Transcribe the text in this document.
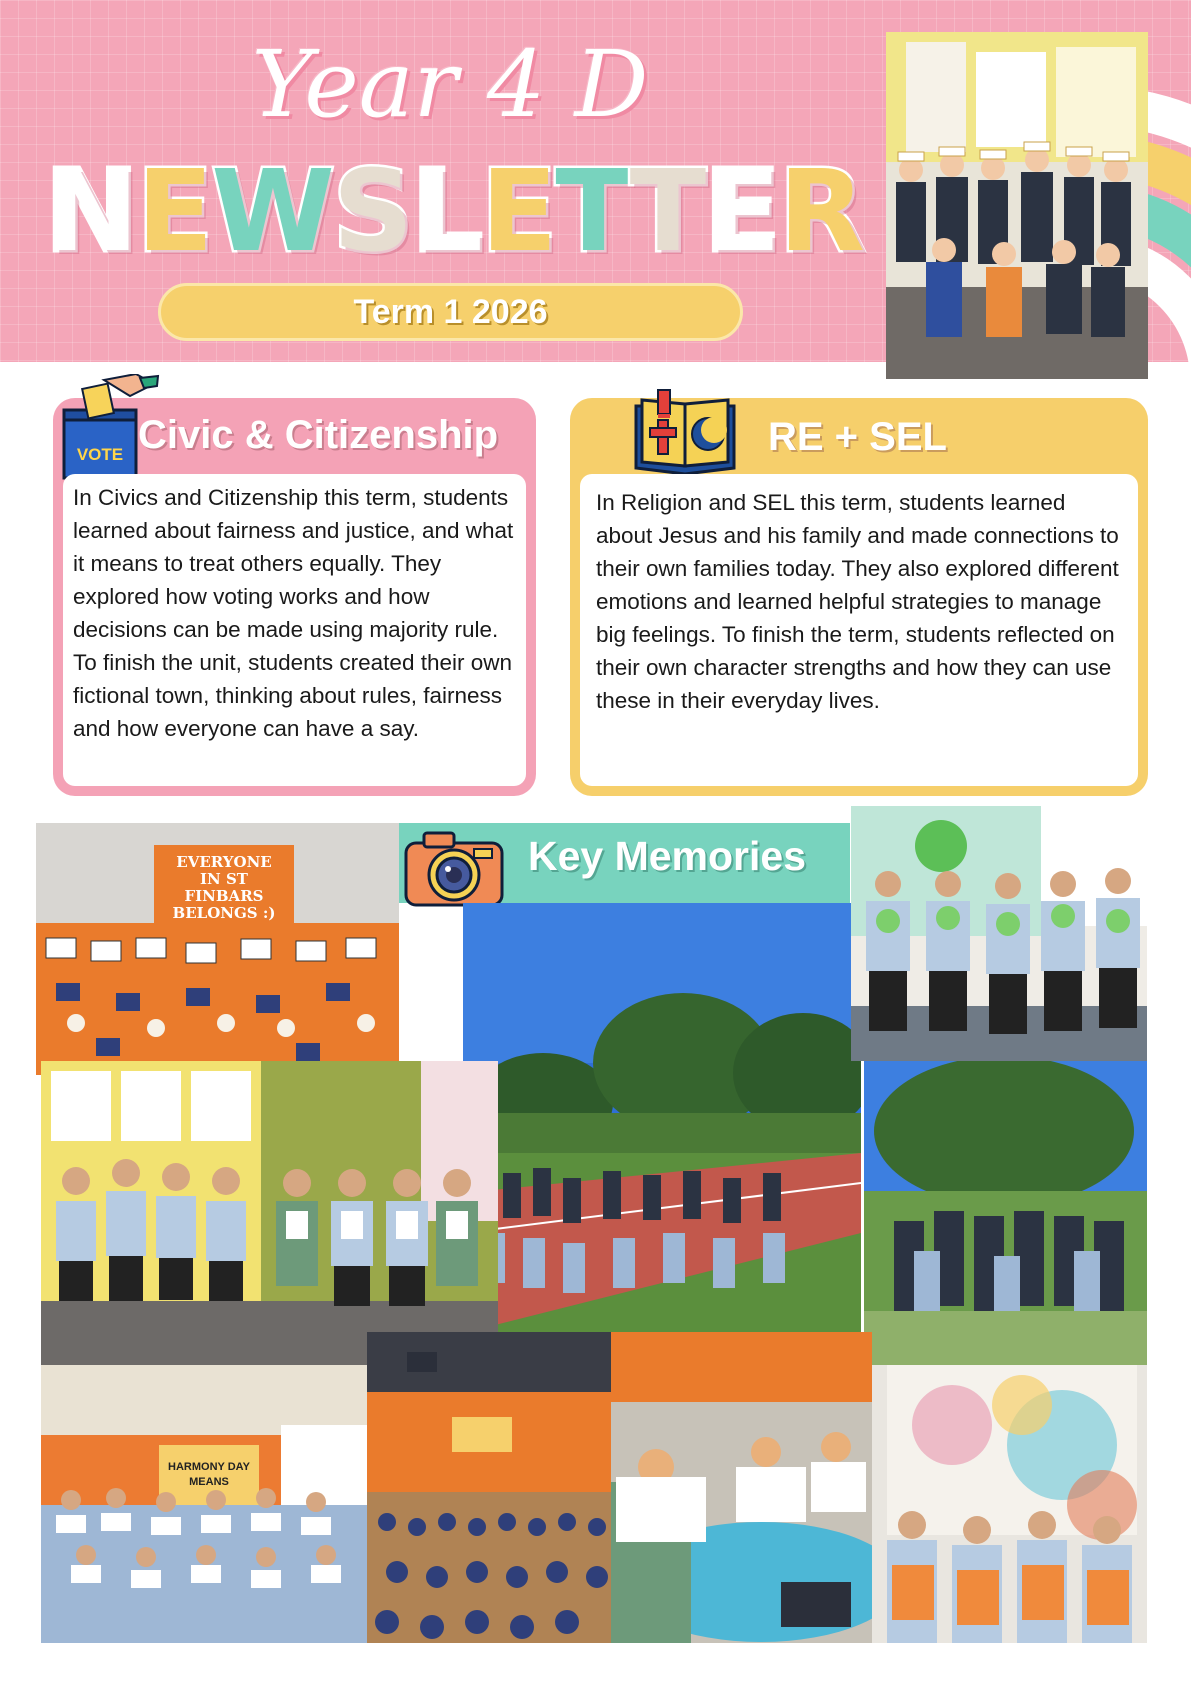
Year 4 D
N E W S L E T T E R
Term 1 2026
VOTE Civic & Citizenship
In Civics and Citizenship this term, students learned about fairness and justice, and what it means to treat others equally. They explored how voting works and how decisions can be made using majority rule. To finish the unit, students created their own fictional town, thinking about rules, fairness and how everyone can have a say.
RE + SEL
In Religion and SEL this term, students learned about Jesus and his family and made connections to their own families today. They also explored different emotions and learned helpful strategies to manage big feelings. To finish the term, students reflected on their own character strengths and how they can use these in their everyday lives.
Key Memories
EVERYONE
IN ST
FINBARS
BELONGS :)
HARMONY DAY
MEANS
